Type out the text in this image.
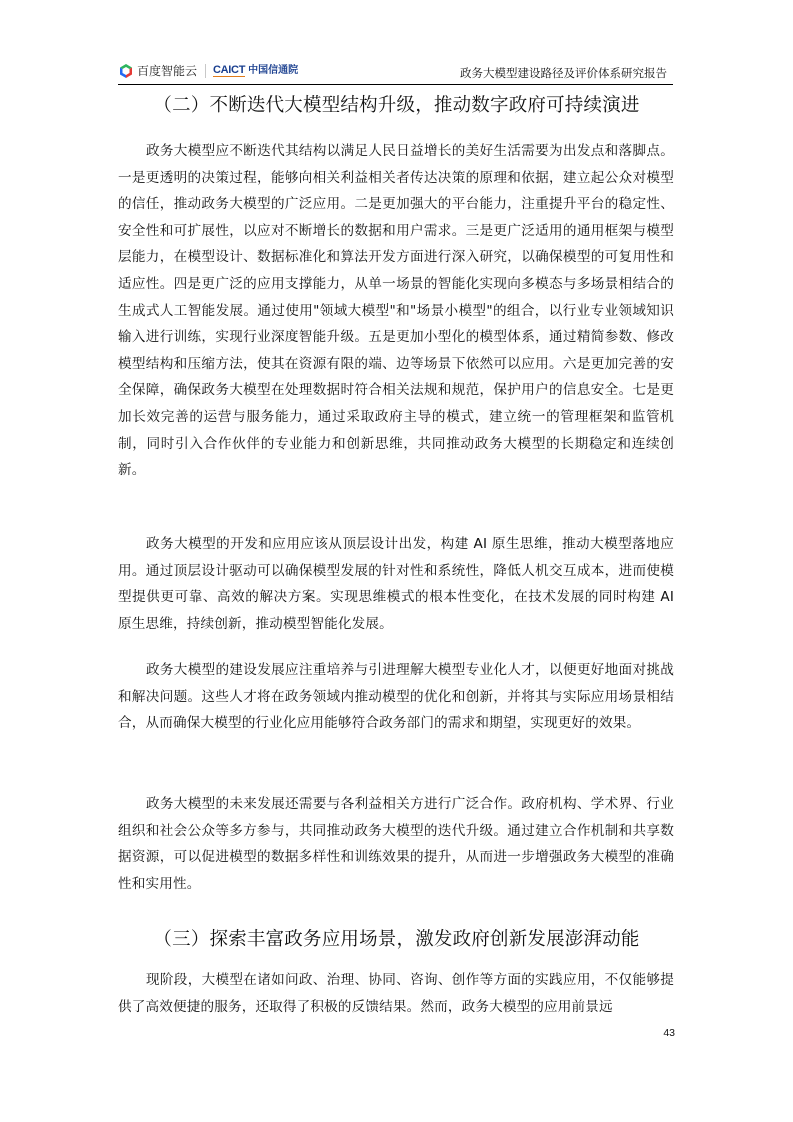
百度智能云 CAICT 中国信通院	政务大模型建设路径及评价体系研究报告
（二）不断迭代大模型结构升级，推动数字政府可持续演进

政务大模型应不断迭代其结构以满足人民日益增长的美好生活需要为出发点和落脚点。一是更透明的决策过程，能够向相关利益相关者传达决策的原理和依据，建立起公众对模型的信任，推动政务大模型的广泛应用。二是更加强大的平台能力，注重提升平台的稳定性、安全性和可扩展性，以应对不断增长的数据和用户需求。三是更广泛适用的通用框架与模型层能力，在模型设计、数据标准化和算法开发方面进行深入研究，以确保模型的可复用性和适应性。四是更广泛的应用支撑能力，从单一场景的智能化实现向多模态与多场景相结合的生成式人工智能发展。通过使用"领域大模型"和"场景小模型"的组合，以行业专业领域知识输入进行训练，实现行业深度智能升级。五是更加小型化的模型体系，通过精简参数、修改模型结构和压缩方法，使其在资源有限的端、边等场景下依然可以应用。六是更加完善的安全保障，确保政务大模型在处理数据时符合相关法规和规范，保护用户的信息安全。七是更加长效完善的运营与服务能力，通过采取政府主导的模式，建立统一的管理框架和监管机制，同时引入合作伙伴的专业能力和创新思维，共同推动政务大模型的长期稳定和连续创新。

政务大模型的开发和应用应该从顶层设计出发，构建 AI 原生思维，推动大模型落地应用。通过顶层设计驱动可以确保模型发展的针对性和系统性，降低人机交互成本，进而使模型提供更可靠、高效的解决方案。实现思维模式的根本性变化，在技术发展的同时构建 AI 原生思维，持续创新，推动模型智能化发展。

政务大模型的建设发展应注重培养与引进理解大模型专业化人才，以便更好地面对挑战和解决问题。这些人才将在政务领域内推动模型的优化和创新，并将其与实际应用场景相结合，从而确保大模型的行业化应用能够符合政务部门的需求和期望，实现更好的效果。

政务大模型的未来发展还需要与各利益相关方进行广泛合作。政府机构、学术界、行业组织和社会公众等多方参与，共同推动政务大模型的迭代升级。通过建立合作机制和共享数据资源，可以促进模型的数据多样性和训练效果的提升，从而进一步增强政务大模型的准确性和实用性。

（三）探索丰富政务应用场景，激发政府创新发展澎湃动能

现阶段，大模型在诸如问政、治理、协同、咨询、创作等方面的实践应用，不仅能够提供了高效便捷的服务，还取得了积极的反馈结果。然而，政务大模型的应用前景远

43
